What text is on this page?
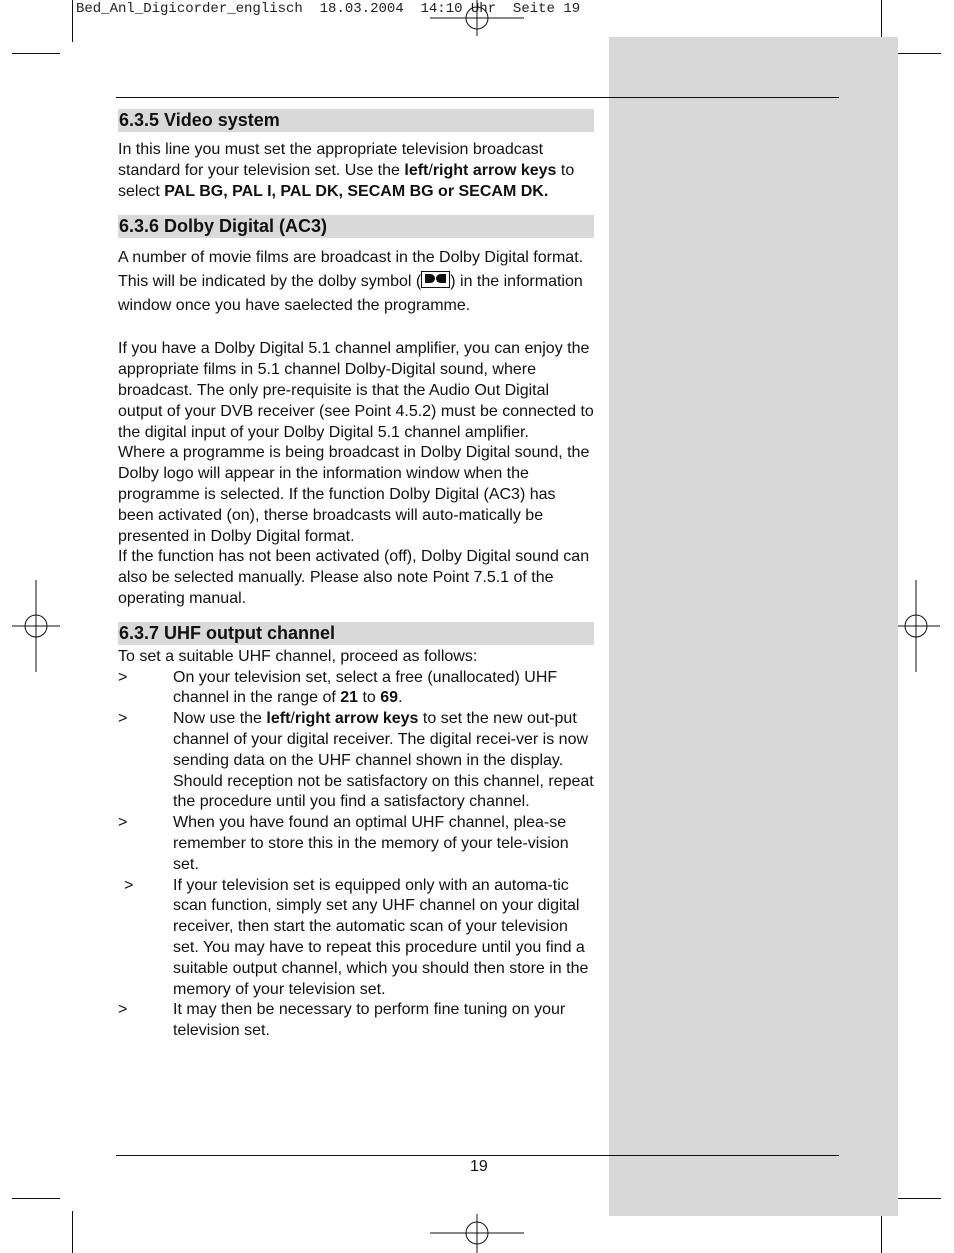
Bed_Anl_Digicorder_englisch 18.03.2004 14:10 Uhr Seite 19
6.3.5 Video system

In this line you must set the appropriate television broadcast standard for your television set. Use the left/right arrow keys to select PAL BG, PAL I, PAL DK, SECAM BG or SECAM DK.

6.3.6 Dolby Digital (AC3)

A number of movie films are broadcast in the Dolby Digital format. This will be indicated by the dolby symbol ( ) in the information window once you have saelected the programme.

If you have a Dolby Digital 5.1 channel amplifier, you can enjoy the appropriate films in 5.1 channel Dolby-Digital sound, where broadcast. The only pre-requisite is that the Audio Out Digital output of your DVB receiver (see Point 4.5.2) must be connected to the digital input of your Dolby Digital 5.1 channel amplifier.

Where a programme is being broadcast in Dolby Digital sound, the Dolby logo will appear in the information window when the programme is selected. If the function Dolby Digital (AC3) has been activated (on), therse broadcasts will auto-matically be presented in Dolby Digital format.

If the function has not been activated (off), Dolby Digital sound can also be selected manually. Please also note Point 7.5.1 of the operating manual.

6.3.7 UHF output channel

To set a suitable UHF channel, proceed as follows:

>	On your television set, select a free (unallocated) UHF channel in the range of 21 to 69.
>	Now use the left/right arrow keys to set the new out-put channel of your digital receiver. The digital recei-ver is now sending data on the UHF channel shown in the display. Should reception not be satisfactory on this channel, repeat the procedure until you find a satisfactory channel.
>	When you have found an optimal UHF channel, plea-se remember to store this in the memory of your tele-vision set.
>	If your television set is equipped only with an automa-tic scan function, simply set any UHF channel on your digital receiver, then start the automatic scan of your television set. You may have to repeat this procedure until you find a suitable output channel, which you should then store in the memory of your television set.
>	It may then be necessary to perform fine tuning on your television set.
19
